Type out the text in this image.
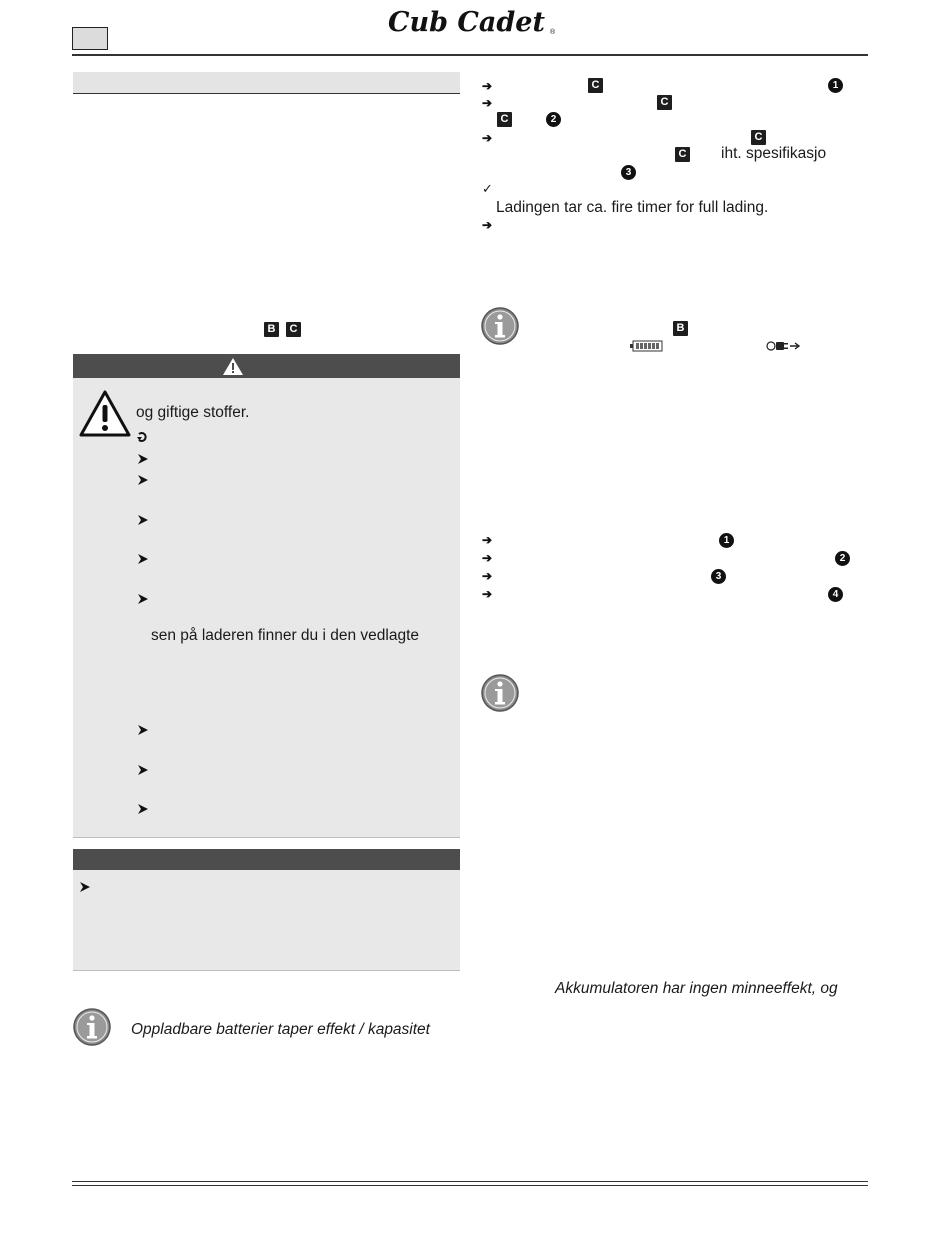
Cub Cadet ®
B	C
og giftige stoffer.
sen på laderen finner du i den vedlagte
Oppladbare batterier taper effekt / kapasitet
➔	C	1
➔	C
C	2
➔	C
C iht. spesifikasjo
3
✓
Ladingen tar ca. fire timer for full lading.
➔
B
➔	1
➔	2
➔	3
➔	4
Akkumulatoren har ingen minneeffekt, og
